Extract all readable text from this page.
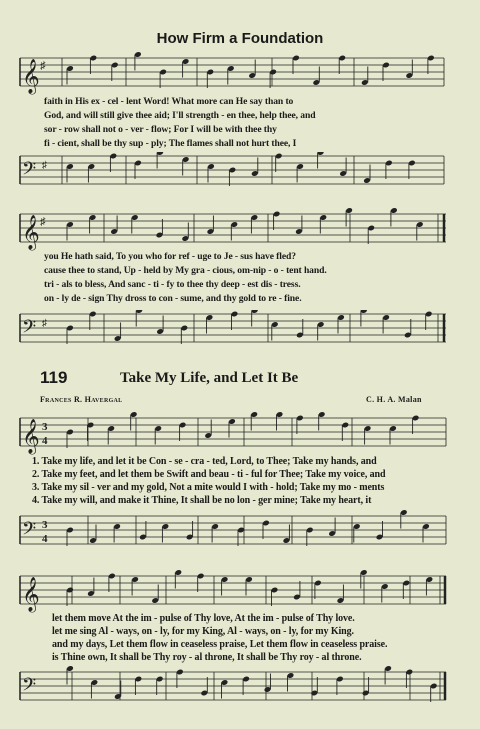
How Firm a Foundation
𝄞 ♯
faith in His ex - cel - lent Word! What more can He say than to
God, and will still give thee aid; I'll strength - en thee, help thee, and
sor - row shall not o - ver - flow; For I will be with thee thy
fi - cient, shall be thy sup - ply; The flames shall not hurt thee, I
𝄢 ♯
𝄞 ♯
you He hath said, To you who for ref - uge to Je - sus have fled?
cause thee to stand, Up - held by My gra - cious, om-nip - o - tent hand.
tri - als to bless, And sanc - ti - fy to thee thy deep - est dis - tress.
on - ly de - sign Thy dross to con - sume, and thy gold to re - fine.
𝄢 ♯
119	Take My Life, and Let It Be
Frances R. Havergal	C. H. A. Malan
𝄞 3
4
1. Take my life, and let it be Con - se - cra - ted, Lord, to Thee; Take my hands, and
2. Take my feet, and let them be Swift and beau - ti - ful for Thee; Take my voice, and
3. Take my sil - ver and my gold, Not a mite would I with - hold; Take my mo - ments
4. Take my will, and make it Thine, It shall be no lon - ger mine; Take my heart, it
𝄢 3
4
𝄞
let them move At the im - pulse of Thy love, At the im - pulse of Thy love.
let me sing Al - ways, on - ly, for my King, Al - ways, on - ly, for my King.
and my days, Let them flow in ceaseless praise, Let them flow in ceaseless praise.
is Thine own, It shall be Thy roy - al throne, It shall be Thy roy - al throne.
𝄢
